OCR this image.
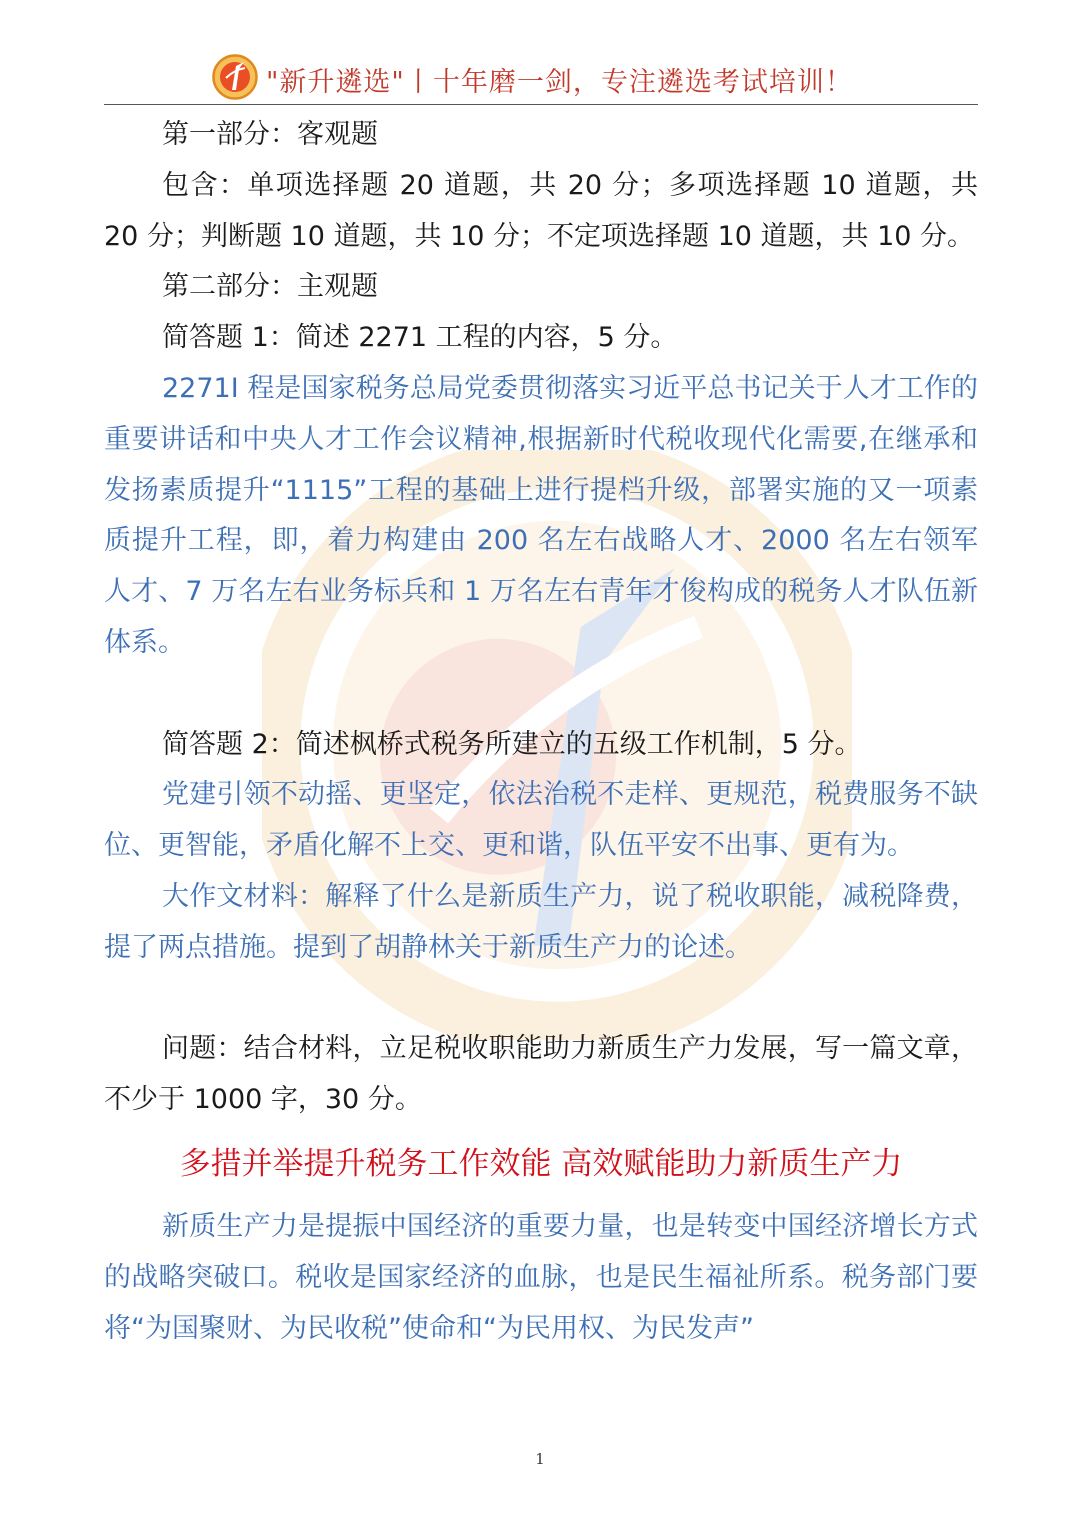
"新升遴选"丨十年磨一剑，专注遴选考试培训！

第一部分：客观题

包含：单项选择题 20 道题，共 20 分；多项选择题 10 道题，共 20 分；判断题 10 道题，共 10 分；不定项选择题 10 道题，共 10 分。

第二部分：主观题

简答题 1：简述 2271 工程的内容，5 分。

2271I 程是国家税务总局党委贯彻落实习近平总书记关于人才工作的重要讲话和中央人才工作会议精神,根据新时代税收现代化需要,在继承和发扬素质提升“1115”工程的基础上进行提档升级，部署实施的又一项素质提升工程，即，着力构建由 200 名左右战略人才、2000 名左右领军人才、7 万名左右业务标兵和 1 万名左右青年才俊构成的税务人才队伍新体系。

简答题 2：简述枫桥式税务所建立的五级工作机制，5 分。

党建引领不动摇、更坚定，依法治税不走样、更规范，税费服务不缺位、更智能，矛盾化解不上交、更和谐，队伍平安不出事、更有为。

大作文材料：解释了什么是新质生产力，说了税收职能，减税降费，提了两点措施。提到了胡静林关于新质生产力的论述。

问题：结合材料，立足税收职能助力新质生产力发展，写一篇文章，不少于 1000 字，30 分。

多措并举提升税务工作效能 高效赋能助力新质生产力

新质生产力是提振中国经济的重要力量，也是转变中国经济增长方式的战略突破口。税收是国家经济的血脉，也是民生福祉所系。税务部门要将“为国聚财、为民收税”使命和“为民用权、为民发声”

1
